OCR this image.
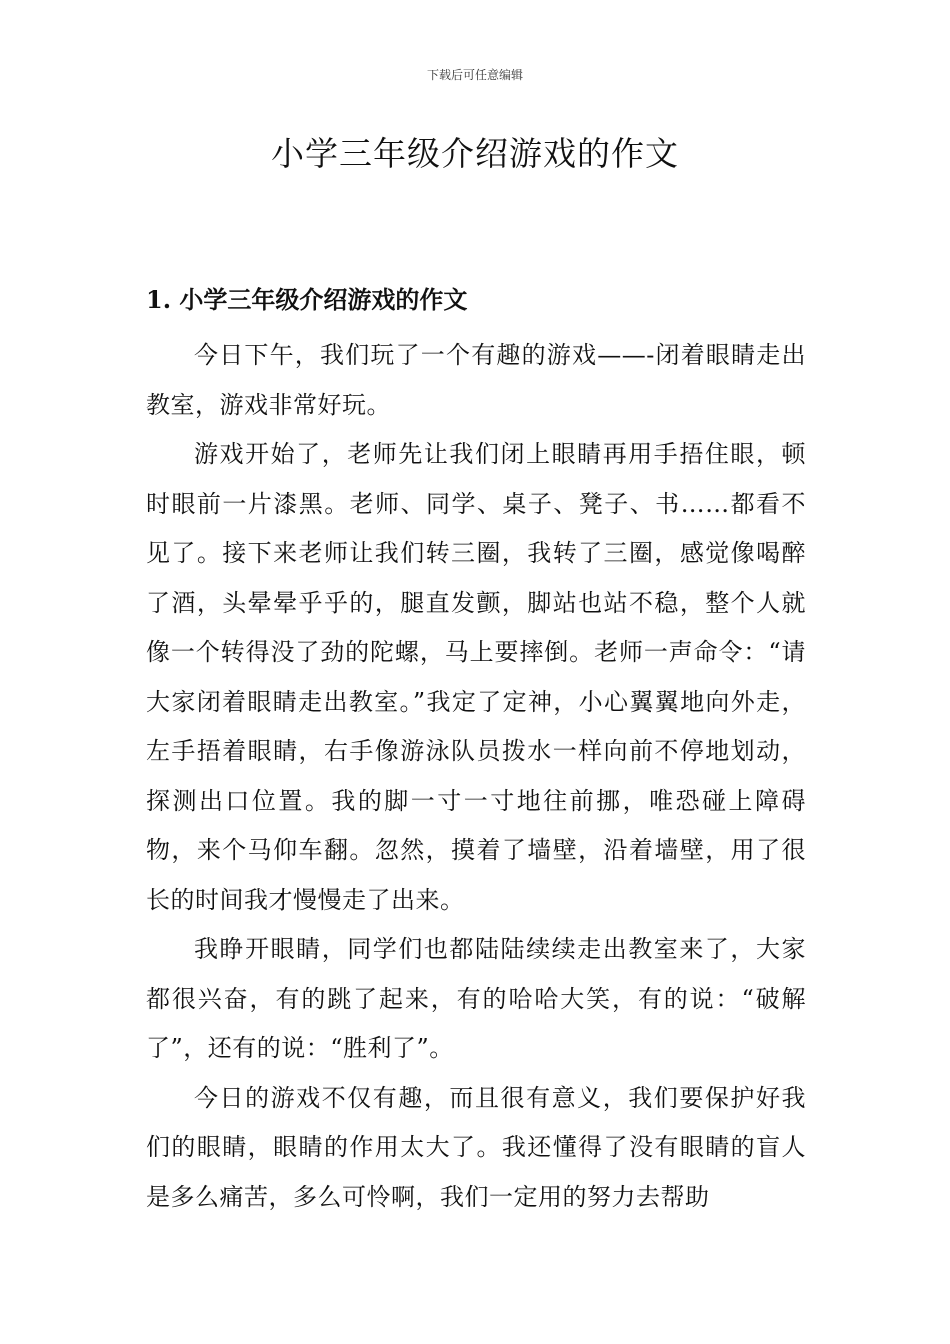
下载后可任意编辑
小学三年级介绍游戏的作文
1. 小学三年级介绍游戏的作文

今日下午，我们玩了一个有趣的游戏——-闭着眼睛走出教室，游戏非常好玩。

游戏开始了，老师先让我们闭上眼睛再用手捂住眼，顿时眼前一片漆黑。老师、同学、桌子、凳子、书……都看不见了。接下来老师让我们转三圈，我转了三圈，感觉像喝醉了酒，头晕晕乎乎的，腿直发颤，脚站也站不稳，整个人就像一个转得没了劲的陀螺，马上要摔倒。老师一声命令：“请大家闭着眼睛走出教室。”我定了定神，小心翼翼地向外走，左手捂着眼睛，右手像游泳队员拨水一样向前不停地划动，探测出口位置。我的脚一寸一寸地往前挪，唯恐碰上障碍物，来个马仰车翻。忽然，摸着了墙壁，沿着墙壁，用了很长的时间我才慢慢走了出来。

我睁开眼睛，同学们也都陆陆续续走出教室来了，大家都很兴奋，有的跳了起来，有的哈哈大笑，有的说：“破解了”，还有的说：“胜利了”。

今日的游戏不仅有趣，而且很有意义，我们要保护好我们的眼睛，眼睛的作用太大了。我还懂得了没有眼睛的盲人是多么痛苦，多么可怜啊，我们一定用的努力去帮助
